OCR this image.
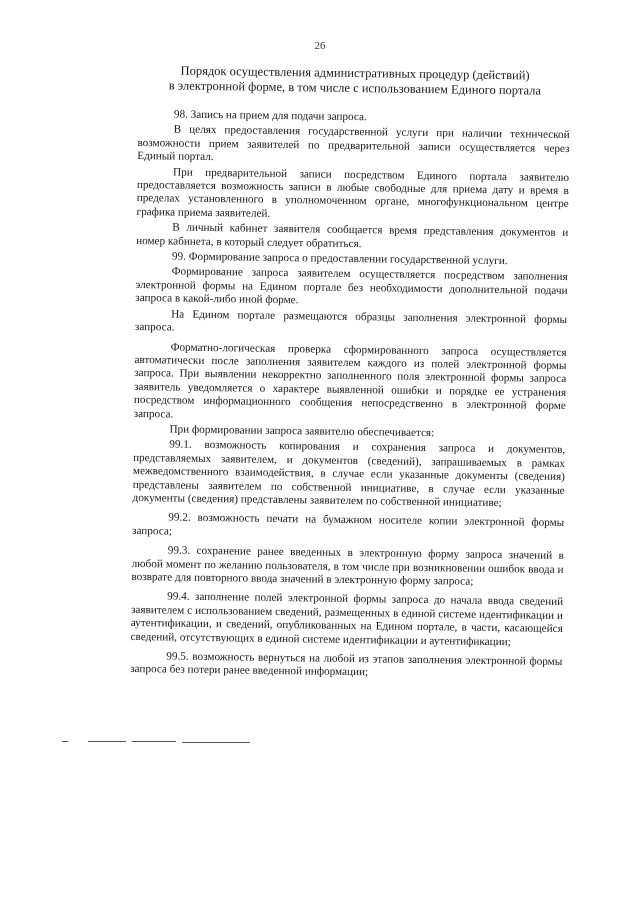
26
Порядок осуществления административных процедур (действий)
в электронной форме, в том числе с использованием Единого портала

98. Запись на прием для подачи запроса.

В целях предоставления государственной услуги при наличии технической возможности прием заявителей по предварительной записи осуществляется через Единый портал.

При предварительной записи посредством Единого портала заявителю предоставляется возможность записи в любые свободные для приема дату и время в пределах установленного в уполномоченном органе, многофункциональном центре графика приема заявителей.

В личный кабинет заявителя сообщается время представления документов и номер кабинета, в который следует обратиться.

99. Формирование запроса о предоставлении государственной услуги.

Формирование запроса заявителем осуществляется посредством заполнения электронной формы на Едином портале без необходимости дополнительной подачи запроса в какой-либо иной форме.

На Едином портале размещаются образцы заполнения электронной формы запроса.

Форматно-логическая проверка сформированного запроса осуществляется автоматически после заполнения заявителем каждого из полей электронной формы запроса. При выявлении некорректно заполненного поля электронной формы запроса заявитель уведомляется о характере выявленной ошибки и порядке ее устранения посредством информационного сообщения непосредственно в электронной форме запроса.

При формировании запроса заявителю обеспечивается:

99.1. возможность копирования и сохранения запроса и документов, представляемых заявителем, и документов (сведений), запрашиваемых в рамках межведомственного взаимодействия, в случае если указанные документы (сведения) представлены заявителем по собственной инициативе, в случае если указанные документы (сведения) представлены заявителем по собственной инициативе;

99.2. возможность печати на бумажном носителе копии электронной формы запроса;

99.3. сохранение ранее введенных в электронную форму запроса значений в любой момент по желанию пользователя, в том числе при возникновении ошибок ввода и возврате для повторного ввода значений в электронную форму запроса;

99.4. заполнение полей электронной формы запроса до начала ввода сведений заявителем с использованием сведений, размещенных в единой системе идентификации и аутентификации, и сведений, опубликованных на Едином портале, в части, касающейся сведений, отсутствующих в единой системе идентификации и аутентификации;

99.5. возможность вернуться на любой из этапов заполнения электронной формы запроса без потери ранее введенной информации;
